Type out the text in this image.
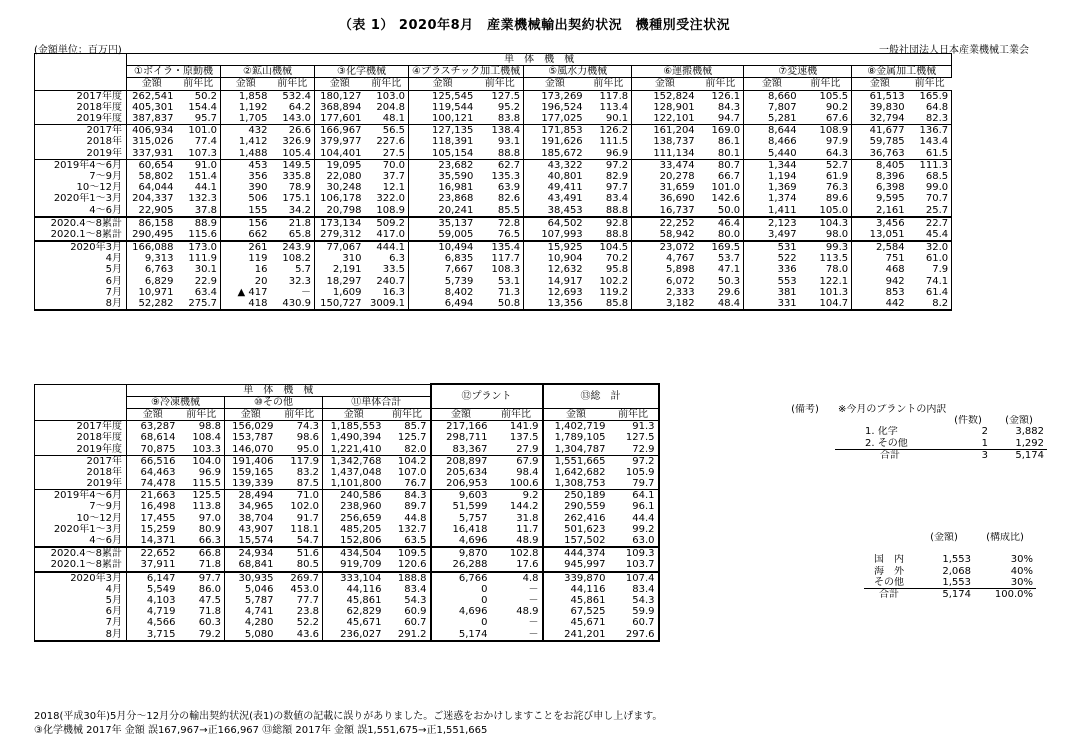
（表 1） 2020年8月　産業機械輸出契約状況　機種別受注状況
(金額単位：百万円)	一般社団法人日本産業機械工業会
	単　体　機　械															
	①ボイラ・原動機		②鉱山機械		③化学機械		④プラスチック加工機械		⑤風水力機械		⑥運搬機械		⑦変速機		⑧金属加工機械	
	金額	前年比	金額	前年比	金額	前年比	金額	前年比	金額	前年比	金額	前年比	金額	前年比	金額	前年比
2017年度	262,541	50.2	1,858	532.4	180,127	103.0	125,545	127.5	173,269	117.8	152,824	126.1	8,660	105.5	61,513	165.9
2018年度	405,301	154.4	1,192	64.2	368,894	204.8	119,544	95.2	196,524	113.4	128,901	84.3	7,807	90.2	39,830	64.8
2019年度	387,837	95.7	1,705	143.0	177,601	48.1	100,121	83.8	177,025	90.1	122,101	94.7	5,281	67.6	32,794	82.3
2017年	406,934	101.0	432	26.6	166,967	56.5	127,135	138.4	171,853	126.2	161,204	169.0	8,644	108.9	41,677	136.7
2018年	315,026	77.4	1,412	326.9	379,977	227.6	118,391	93.1	191,626	111.5	138,737	86.1	8,466	97.9	59,785	143.4
2019年	337,931	107.3	1,488	105.4	104,401	27.5	105,154	88.8	185,672	96.9	111,134	80.1	5,440	64.3	36,763	61.5
2019年4～6月	60,654	91.0	453	149.5	19,095	70.0	23,682	62.7	43,322	97.2	33,474	80.7	1,344	52.7	8,405	111.3
7～9月	58,802	151.4	356	335.8	22,080	37.7	35,590	135.3	40,801	82.9	20,278	66.7	1,194	61.9	8,396	68.5
10～12月	64,044	44.1	390	78.9	30,248	12.1	16,981	63.9	49,411	97.7	31,659	101.0	1,369	76.3	6,398	99.0
2020年1～3月	204,337	132.3	506	175.1	106,178	322.0	23,868	82.6	43,491	83.4	36,690	142.6	1,374	89.6	9,595	70.7
4～6月	22,905	37.8	155	34.2	20,798	108.9	20,241	85.5	38,453	88.8	16,737	50.0	1,411	105.0	2,161	25.7
2020.4～8累計	86,158	88.9	156	21.8	173,134	509.2	35,137	72.8	64,502	92.8	22,252	46.4	2,123	104.3	3,456	22.7
2020.1～8累計	290,495	115.6	662	65.8	279,312	417.0	59,005	76.5	107,993	88.8	58,942	80.0	3,497	98.0	13,051	45.4
2020年3月	166,088	173.0	261	243.9	77,067	444.1	10,494	135.4	15,925	104.5	23,072	169.5	531	99.3	2,584	32.0
4月	9,313	111.9	119	108.2	310	6.3	6,835	117.7	10,904	70.2	4,767	53.7	522	113.5	751	61.0
5月	6,763	30.1	16	5.7	2,191	33.5	7,667	108.3	12,632	95.8	5,898	47.1	336	78.0	468	7.9
6月	6,829	22.9	20	32.3	18,297	240.7	5,739	53.1	14,917	102.2	6,072	50.3	553	122.1	942	74.1
7月	10,971	63.4	▲ 417	－	1,609	16.3	8,402	71.3	12,693	119.2	2,333	29.6	381	101.3	853	61.4
8月	52,282	275.7	418	430.9	150,727	3009.1	6,494	50.8	13,356	85.8	3,182	48.4	331	104.7	442	8.2
	単　体　機　械						⑫プラント		⑬総　計	
	⑨冷凍機械		⑩その他		⑪単体合計					
	金額	前年比	金額	前年比	金額	前年比	金額	前年比	金額	前年比
2017年度	63,287	98.8	156,029	74.3	1,185,553	85.7	217,166	141.9	1,402,719	91.3
2018年度	68,614	108.4	153,787	98.6	1,490,394	125.7	298,711	137.5	1,789,105	127.5
2019年度	70,875	103.3	146,070	95.0	1,221,410	82.0	83,367	27.9	1,304,787	72.9
2017年	66,516	104.0	191,406	117.9	1,342,768	104.2	208,897	67.9	1,551,665	97.2
2018年	64,463	96.9	159,165	83.2	1,437,048	107.0	205,634	98.4	1,642,682	105.9
2019年	74,478	115.5	139,339	87.5	1,101,800	76.7	206,953	100.6	1,308,753	79.7
2019年4～6月	21,663	125.5	28,494	71.0	240,586	84.3	9,603	9.2	250,189	64.1
7～9月	16,498	113.8	34,965	102.0	238,960	89.7	51,599	144.2	290,559	96.1
10～12月	17,455	97.0	38,704	91.7	256,659	44.8	5,757	31.8	262,416	44.4
2020年1～3月	15,259	80.9	43,907	118.1	485,205	132.7	16,418	11.7	501,623	99.2
4～6月	14,371	66.3	15,574	54.7	152,806	63.5	4,696	48.9	157,502	63.0
2020.4～8累計	22,652	66.8	24,934	51.6	434,504	109.5	9,870	102.8	444,374	109.3
2020.1～8累計	37,911	71.8	68,841	80.5	919,709	120.6	26,288	17.6	945,997	103.7
2020年3月	6,147	97.7	30,935	269.7	333,104	188.8	6,766	4.8	339,870	107.4
4月	5,549	86.0	5,046	453.0	44,116	83.4	0	－	44,116	83.4
5月	4,103	47.5	5,787	77.7	45,861	54.3	0	－	45,861	54.3
6月	4,719	71.8	4,741	23.8	62,829	60.9	4,696	48.9	67,525	59.9
7月	4,566	60.3	4,280	52.2	45,671	60.7	0	－	45,671	60.7
8月	3,715	79.2	5,080	43.6	236,027	291.2	5,174	－	241,201	297.6
(備考)	※今月のプラントの内訳		
		(件数)	(金額)
	1. 化学	2	3,882
	2. その他	1	1,292
	合計	3	5,174
	(金額)	(構成比)

国　内	1,553	30%
海　外	2,068	40%
その他	1,553	30%
合計	5,174	100.0%
2018(平成30年)5月分～12月分の輸出契約状況(表1)の数値の記載に誤りがありました。ご迷惑をおかけしますことをお詫び申し上げます。
③化学機械 2017年 金額 誤167,967→正166,967 ⑬総額 2017年 金額 誤1,551,675→正1,551,665
